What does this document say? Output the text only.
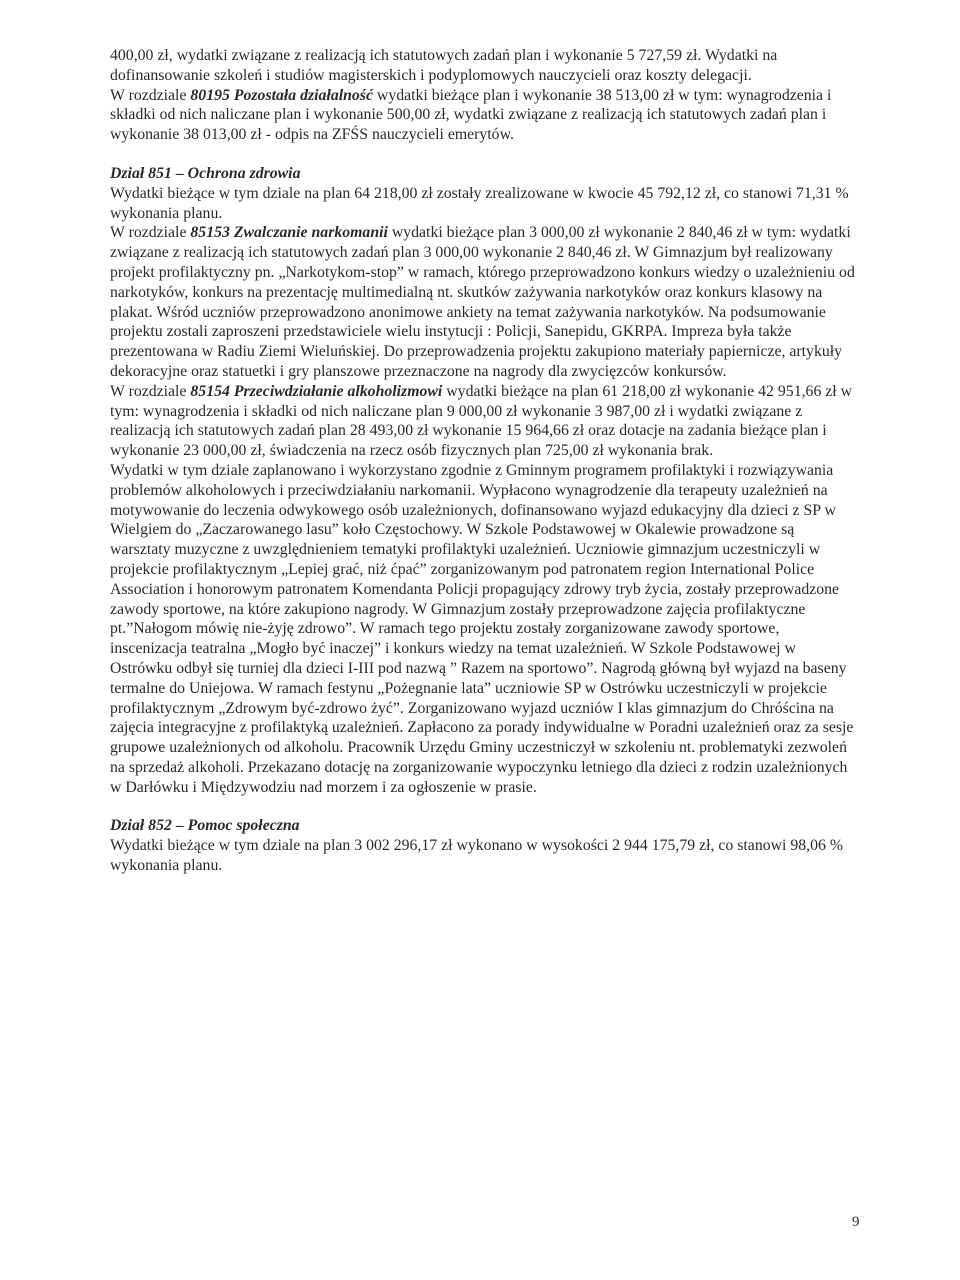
400,00 zł, wydatki związane z realizacją ich statutowych zadań plan i wykonanie 5 727,59 zł. Wydatki na dofinansowanie szkoleń i studiów magisterskich i podyplomowych nauczycieli oraz koszty delegacji.

W rozdziale 80195 Pozostała działalność wydatki bieżące plan i wykonanie 38 513,00 zł w tym: wynagrodzenia i składki od nich naliczane plan i wykonanie 500,00 zł, wydatki związane z realizacją ich statutowych zadań plan i wykonanie 38 013,00 zł - odpis na ZFŚS nauczycieli emerytów.

Dział 851 – Ochrona zdrowia

Wydatki bieżące w tym dziale na plan 64 218,00 zł zostały zrealizowane w kwocie 45 792,12 zł, co stanowi 71,31 % wykonania planu.

W rozdziale 85153 Zwalczanie narkomanii wydatki bieżące plan 3 000,00 zł wykonanie 2 840,46 zł w tym: wydatki związane z realizacją ich statutowych zadań plan 3 000,00 wykonanie 2 840,46 zł. W Gimnazjum był realizowany projekt profilaktyczny pn. „Narkotykom-stop” w ramach, którego przeprowadzono konkurs wiedzy o uzależnieniu od narkotyków, konkurs na prezentację multimedialną nt. skutków zażywania narkotyków oraz konkurs klasowy na plakat. Wśród uczniów przeprowadzono anonimowe ankiety na temat zażywania narkotyków. Na podsumowanie projektu zostali zaproszeni przedstawiciele wielu instytucji : Policji, Sanepidu, GKRPA. Impreza była także prezentowana w Radiu Ziemi Wieluńskiej. Do przeprowadzenia projektu zakupiono materiały papiernicze, artykuły dekoracyjne oraz statuetki i gry planszowe przeznaczone na nagrody dla zwycięzców konkursów.

W rozdziale 85154 Przeciwdziałanie alkoholizmowi wydatki bieżące na plan 61 218,00 zł wykonanie 42 951,66 zł w tym: wynagrodzenia i składki od nich naliczane plan 9 000,00 zł wykonanie 3 987,00 zł i wydatki związane z realizacją ich statutowych zadań plan 28 493,00 zł wykonanie 15 964,66 zł oraz dotacje na zadania bieżące plan i wykonanie 23 000,00 zł, świadczenia na rzecz osób fizycznych plan 725,00 zł wykonania brak.

Wydatki w tym dziale zaplanowano i wykorzystano zgodnie z Gminnym programem profilaktyki i rozwiązywania problemów alkoholowych i przeciwdziałaniu narkomanii. Wypłacono wynagrodzenie dla terapeuty uzależnień na motywowanie do leczenia odwykowego osób uzależnionych, dofinansowano wyjazd edukacyjny dla dzieci z SP w Wielgiem do „Zaczarowanego lasu” koło Częstochowy. W Szkole Podstawowej w Okalewie prowadzone są warsztaty muzyczne z uwzględnieniem tematyki profilaktyki uzależnień. Uczniowie gimnazjum uczestniczyli w projekcie profilaktycznym „Lepiej grać, niż ćpać” zorganizowanym pod patronatem region International Police Association i honorowym patronatem Komendanta Policji propagujący zdrowy tryb życia, zostały przeprowadzone zawody sportowe, na które zakupiono nagrody. W Gimnazjum zostały przeprowadzone zajęcia profilaktyczne pt.”Nałogom mówię nie-żyję zdrowo”. W ramach tego projektu zostały zorganizowane zawody sportowe, inscenizacja teatralna „Mogło być inaczej” i konkurs wiedzy na temat uzależnień. W Szkole Podstawowej w Ostrówku odbył się turniej dla dzieci I-III pod nazwą ” Razem na sportowo”. Nagrodą główną był wyjazd na baseny termalne do Uniejowa. W ramach festynu „Pożegnanie lata” uczniowie SP w Ostrówku uczestniczyli w projekcie profilaktycznym „Zdrowym być-zdrowo żyć”. Zorganizowano wyjazd uczniów I klas gimnazjum do Chróścina na zajęcia integracyjne z profilaktyką uzależnień. Zapłacono za porady indywidualne w Poradni uzależnień oraz za sesje grupowe uzależnionych od alkoholu. Pracownik Urzędu Gminy uczestniczył w szkoleniu nt. problematyki zezwoleń na sprzedaż alkoholi. Przekazano dotację na zorganizowanie wypoczynku letniego dla dzieci z rodzin uzależnionych w Darłówku i Międzywodziu nad morzem i za ogłoszenie w prasie.

Dział 852 – Pomoc społeczna

Wydatki bieżące w tym dziale na plan 3 002 296,17 zł wykonano w wysokości 2 944 175,79 zł, co stanowi 98,06 % wykonania planu.

9
